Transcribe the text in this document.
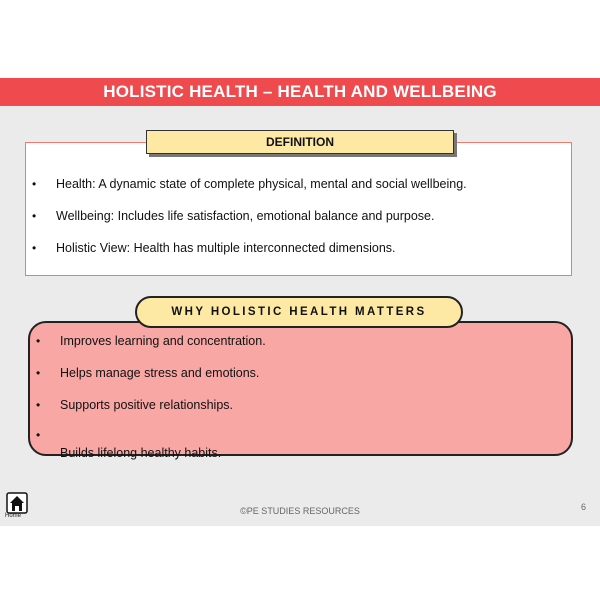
HOLISTIC HEALTH – HEALTH AND WELLBEING
DEFINITION
• Health: A dynamic state of complete physical, mental and social wellbeing.
• Wellbeing: Includes life satisfaction, emotional balance and purpose.
• Holistic View: Health has multiple interconnected dimensions.
WHY HOLISTIC HEALTH MATTERS
• Improves learning and concentration.
• Helps manage stress and emotions.
• Supports positive relationships.
•
Builds lifelong healthy habits.
Home	©PE STUDIES RESOURCES	6
